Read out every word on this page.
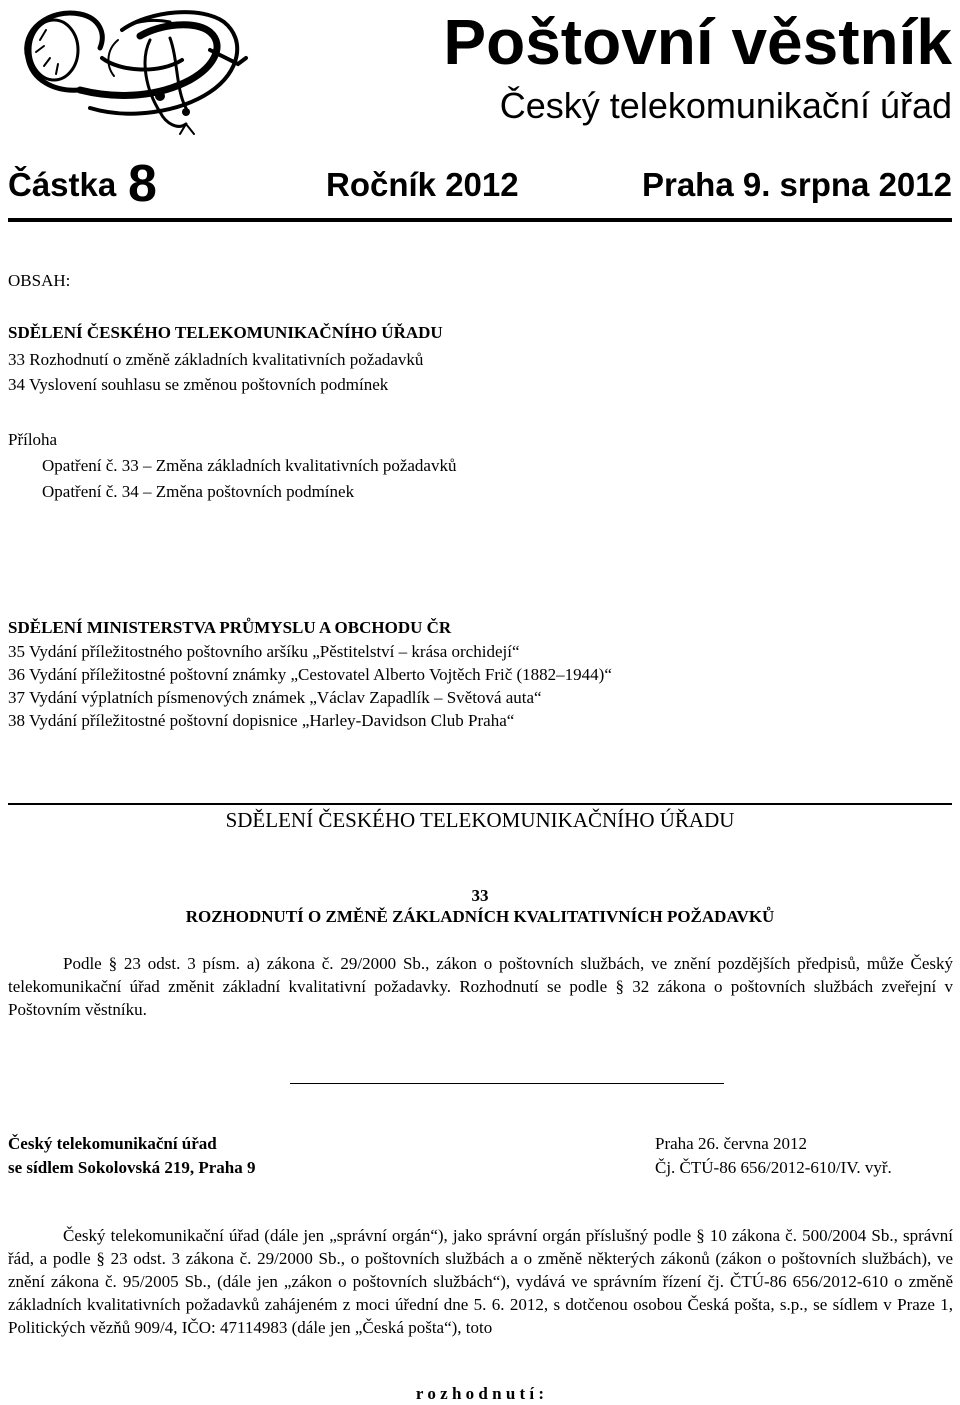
Poštovní věstník
Český telekomunikační úřad
Částka 8	Ročník 2012	Praha 9. srpna 2012
OBSAH:
SDĚLENÍ ČESKÉHO TELEKOMUNIKAČNÍHO ÚŘADU
33 Rozhodnutí o změně základních kvalitativních požadavků
34 Vyslovení souhlasu se změnou poštovních podmínek
Příloha
Opatření č. 33 – Změna základních kvalitativních požadavků
Opatření č. 34 – Změna poštovních podmínek
SDĚLENÍ MINISTERSTVA PRŮMYSLU A OBCHODU ČR
35 Vydání příležitostného poštovního aršíku „Pěstitelství – krása orchidejí“
36 Vydání příležitostné poštovní známky „Cestovatel Alberto Vojtěch Frič (1882–1944)“
37 Vydání výplatních písmenových známek „Václav Zapadlík – Světová auta“
38 Vydání příležitostné poštovní dopisnice „Harley-Davidson Club Praha“
SDĚLENÍ ČESKÉHO TELEKOMUNIKAČNÍHO ÚŘADU
33
ROZHODNUTÍ O ZMĚNĚ ZÁKLADNÍCH KVALITATIVNÍCH POŽADAVKŮ

Podle § 23 odst. 3 písm. a) zákona č. 29/2000 Sb., zákon o poštovních službách, ve znění pozdějších předpisů, může Český telekomunikační úřad změnit základní kvalitativní požadavky. Rozhodnutí se podle § 32 zákona o poštovních službách zveřejní v Poštovním věstníku.

Český telekomunikační úřad
se sídlem Sokolovská 219, Praha 9
Praha 26. června 2012
Čj. ČTÚ-86 656/2012-610/IV. vyř.

Český telekomunikační úřad (dále jen „správní orgán“), jako správní orgán příslušný podle § 10 zákona č. 500/2004 Sb., správní řád, a podle § 23 odst. 3 zákona č. 29/2000 Sb., o poštovních službách a o změně některých zákonů (zákon o poštovních službách), ve znění zákona č. 95/2005 Sb., (dále jen „zákon o poštovních službách“), vydává ve správním řízení čj. ČTÚ-86 656/2012-610 o změně základních kvalitativních požadavků zahájeném z moci úřední dne 5. 6. 2012, s dotčenou osobou Česká pošta, s.p., se sídlem v Praze 1, Politických vězňů 909/4, IČO: 47114983 (dále jen „Česká pošta“), toto

r o z h o d n u t í :
